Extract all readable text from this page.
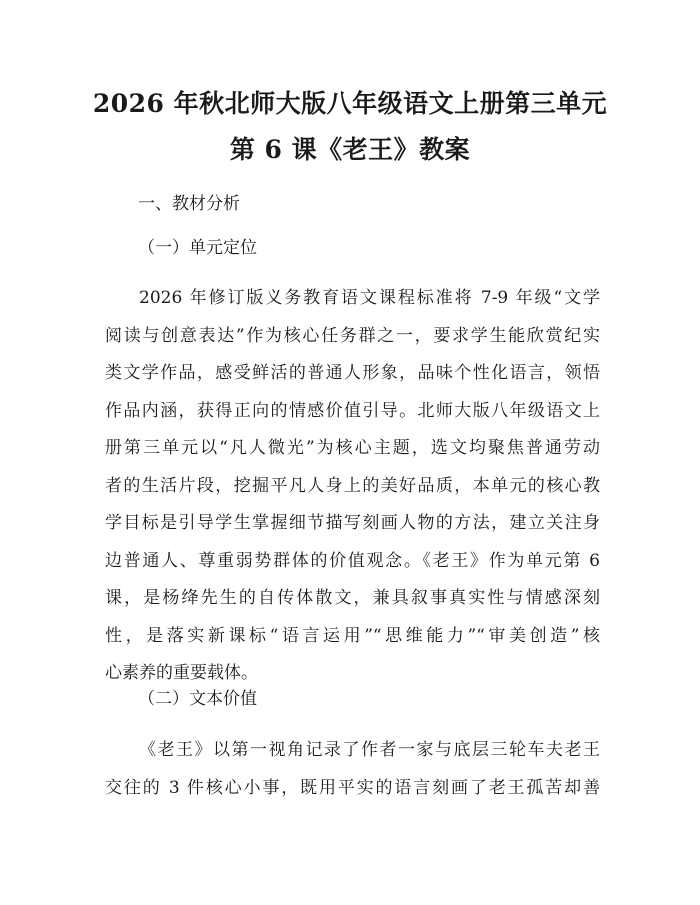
2026 年秋北师大版八年级语文上册第三单元
第 6 课《老王》教案
一、教材分析
（一）单元定位
2026 年修订版义务教育语文课程标准将 7-9 年级“文学
阅读与创意表达”作为核心任务群之一，要求学生能欣赏纪实
类文学作品，感受鲜活的普通人形象，品味个性化语言，领悟
作品内涵，获得正向的情感价值引导。北师大版八年级语文上
册第三单元以“凡人微光”为核心主题，选文均聚焦普通劳动
者的生活片段，挖掘平凡人身上的美好品质，本单元的核心教
学目标是引导学生掌握细节描写刻画人物的方法，建立关注身
边普通人、尊重弱势群体的价值观念。《老王》作为单元第 6
课，是杨绛先生的自传体散文，兼具叙事真实性与情感深刻
性，是落实新课标“语言运用”“思维能力”“审美创造”核
心素养的重要载体。
（二）文本价值
《老王》以第一视角记录了作者一家与底层三轮车夫老王
交往的 3 件核心小事，既用平实的语言刻画了老王孤苦却善
